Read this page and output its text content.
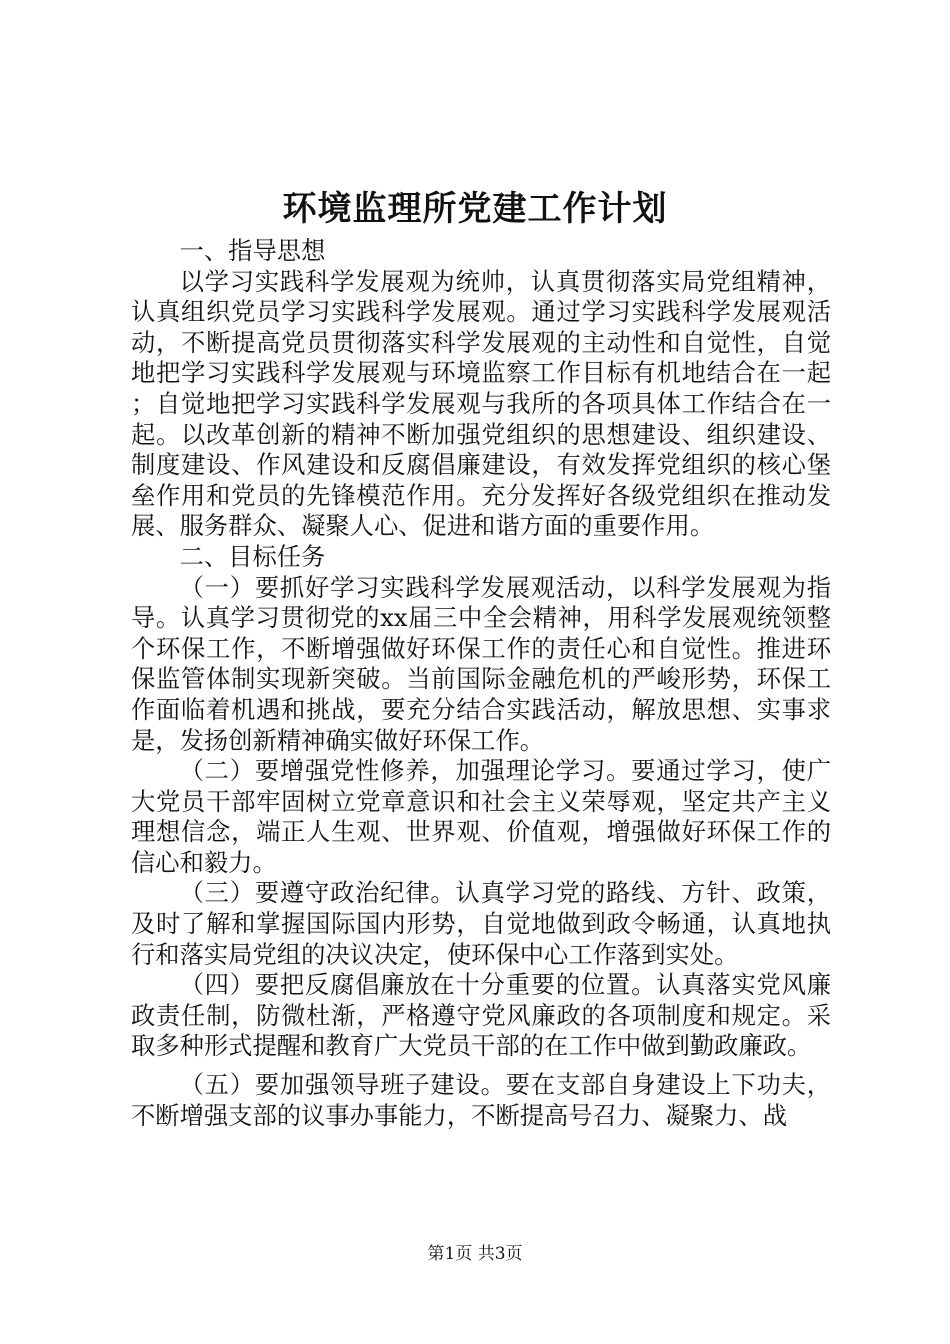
环境监理所党建工作计划

一、指导思想

以学习实践科学发展观为统帅，认真贯彻落实局党组精神，认真组织党员学习实践科学发展观。通过学习实践科学发展观活动，不断提高党员贯彻落实科学发展观的主动性和自觉性，自觉地把学习实践科学发展观与环境监察工作目标有机地结合在一起；自觉地把学习实践科学发展观与我所的各项具体工作结合在一起。以改革创新的精神不断加强党组织的思想建设、组织建设、制度建设、作风建设和反腐倡廉建设，有效发挥党组织的核心堡垒作用和党员的先锋模范作用。充分发挥好各级党组织在推动发展、服务群众、凝聚人心、促进和谐方面的重要作用。

二、目标任务

（一）要抓好学习实践科学发展观活动，以科学发展观为指导。认真学习贯彻党的xx届三中全会精神，用科学发展观统领整个环保工作，不断增强做好环保工作的责任心和自觉性。推进环保监管体制实现新突破。当前国际金融危机的严峻形势，环保工作面临着机遇和挑战，要充分结合实践活动，解放思想、实事求是，发扬创新精神确实做好环保工作。

（二）要增强党性修养，加强理论学习。要通过学习，使广大党员干部牢固树立党章意识和社会主义荣辱观，坚定共产主义理想信念，端正人生观、世界观、价值观，增强做好环保工作的信心和毅力。

（三）要遵守政治纪律。认真学习党的路线、方针、政策，及时了解和掌握国际国内形势，自觉地做到政令畅通，认真地执行和落实局党组的决议决定，使环保中心工作落到实处。

（四）要把反腐倡廉放在十分重要的位置。认真落实党风廉政责任制，防微杜渐，严格遵守党风廉政的各项制度和规定。采取多种形式提醒和教育广大党员干部的在工作中做到勤政廉政。

（五）要加强领导班子建设。要在支部自身建设上下功夫，不断增强支部的议事办事能力，不断提高号召力、凝聚力、战

第1页 共3页
